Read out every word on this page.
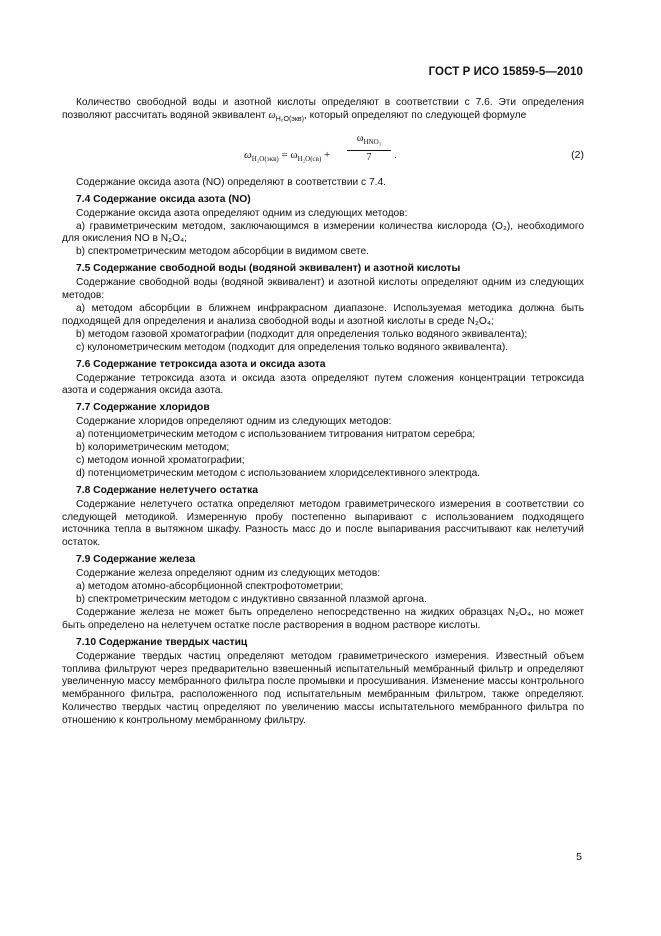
ГОСТ Р ИСО 15859-5—2010

Количество свободной воды и азотной кислоты определяют в соответствии с 7.6. Эти определения позволяют рассчитать водяной эквивалент $\omega_{H_2O(экв)}$, который определяют по следующей формуле

$\omega_{H_2O(экв)} = \omega_{H_2O(св)}$ +
$\omega_{HNO_3}$
7	.	(2)

Содержание оксида азота (NO) определяют в соответствии с 7.4.

7.4 Содержание оксида азота (NO)

Содержание оксида азота определяют одним из следующих методов:

a) гравиметрическим методом, заключающимся в измерении количества кислорода (O₂), необходимого для окисления NO в N₂O₄;

b) спектрометрическим методом абсорбции в видимом свете.

7.5 Содержание свободной воды (водяной эквивалент) и азотной кислоты

Содержание свободной воды (водяной эквивалент) и азотной кислоты определяют одним из следующих методов:

a) методом абсорбции в ближнем инфракрасном диапазоне. Используемая методика должна быть подходящей для определения и анализа свободной воды и азотной кислоты в среде N₂O₄;

b) методом газовой хроматографии (подходит для определения только водяного эквивалента);

c) кулонометрическим методом (подходит для определения только водяного эквивалента).

7.6 Содержание тетроксида азота и оксида азота

Содержание тетроксида азота и оксида азота определяют путем сложения концентрации тетроксида азота и содержания оксида азота.

7.7 Содержание хлоридов

Содержание хлоридов определяют одним из следующих методов:

a) потенциометрическим методом с использованием титрования нитратом серебра;

b) колориметрическим методом;

c) методом ионной хроматографии;

d) потенциометрическим методом с использованием хлоридселективного электрода.

7.8 Содержание нелетучего остатка

Содержание нелетучего остатка определяют методом гравиметрического измерения в соответствии со следующей методикой. Измеренную пробу постепенно выпаривают с использованием подходящего источника тепла в вытяжном шкафу. Разность масс до и после выпаривания рассчитывают как нелетучий остаток.

7.9 Содержание железа

Содержание железа определяют одним из следующих методов:

a) методом атомно-абсорбционной спектрофотометрии;

b) спектрометрическим методом с индуктивно связанной плазмой аргона.

Содержание железа не может быть определено непосредственно на жидких образцах N₂O₄, но может быть определено на нелетучем остатке после растворения в водном растворе кислоты.

7.10 Содержание твердых частиц

Содержание твердых частиц определяют методом гравиметрического измерения. Известный объем топлива фильтруют через предварительно взвешенный испытательный мембранный фильтр и определяют увеличенную массу мембранного фильтра после промывки и просушивания. Изменение массы контрольного мембранного фильтра, расположенного под испытательным мембранным фильтром, также определяют. Количество твердых частиц определяют по увеличению массы испытательного мембранного фильтра по отношению к контрольному мембранному фильтру.

5
